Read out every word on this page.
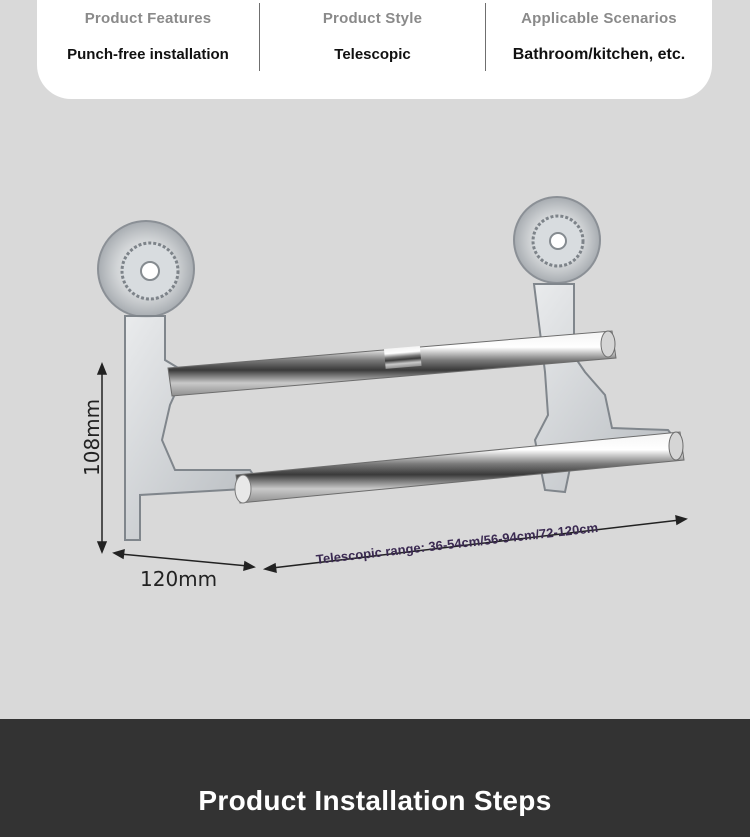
Product Features
Punch-free installation
Product Style
Telescopic
Applicable Scenarios
Bathroom/kitchen, etc.
108mm
120mm
Telescopic range: 36-54cm/56-94cm/72-120cm
Product Installation Steps
